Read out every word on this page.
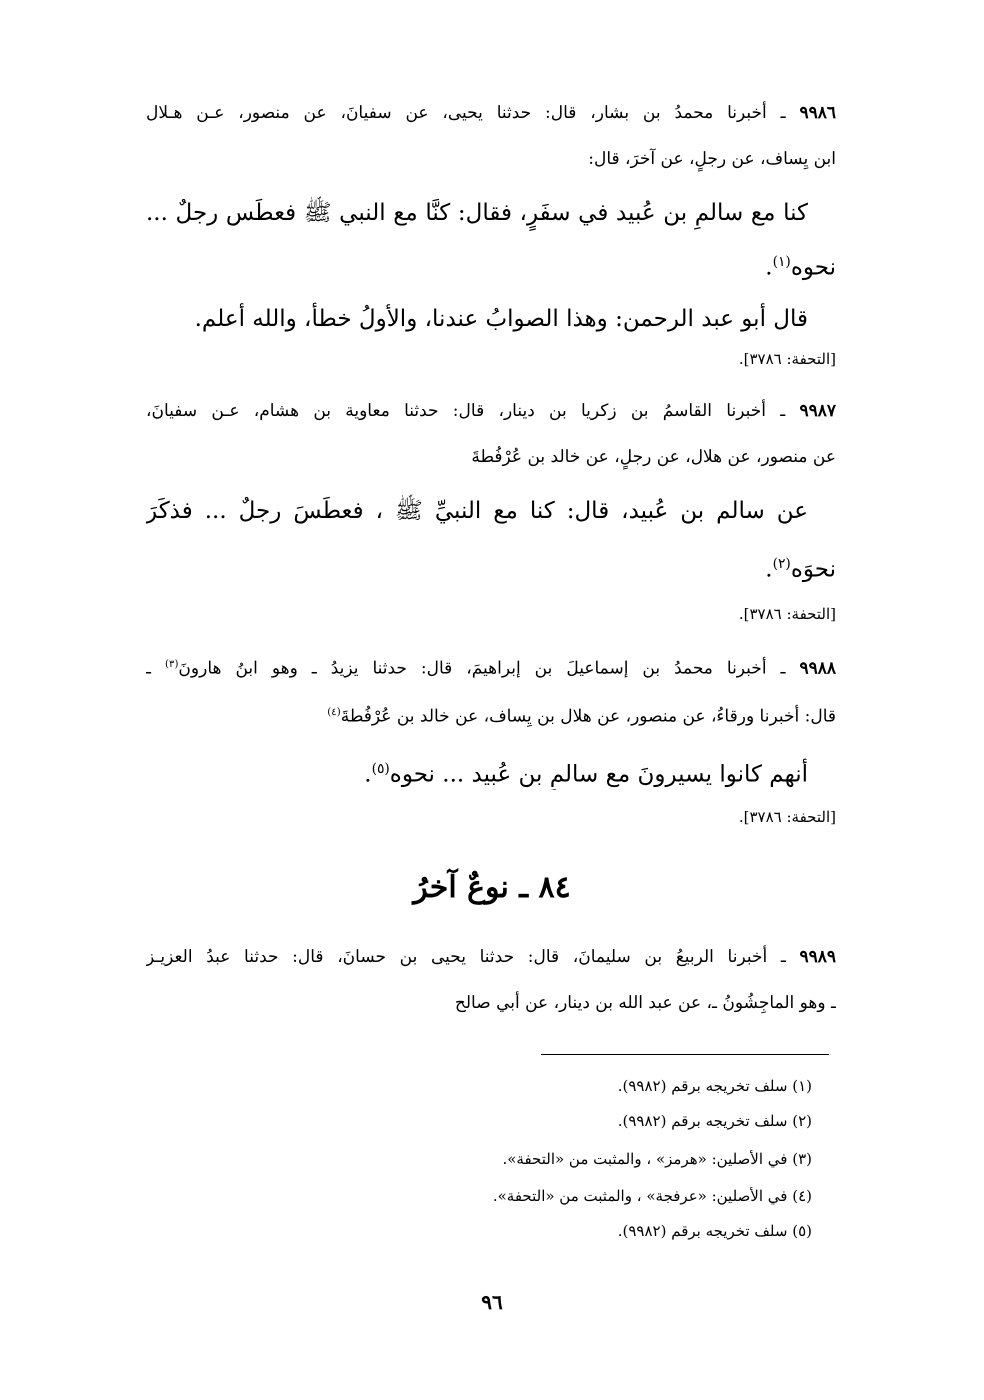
٩٩٨٦ ـ أخبرنا محمدُ بن بشار، قال: حدثنا يحيى، عن سفيانَ، عن منصور، عـن هـلال
ابن يِساف، عن رجلٍ، عن آخرَ، قال:
كنا مع سالمِ بن عُبيد في سفَرٍ، فقال: كنَّا مع النبي ﷺ فعطَس رجلٌ ...
نحوه$^{(١)}$.
قال أبو عبد الرحمن: وهذا الصوابُ عندنا، والأولُ خطأٌ، والله أعلم.
[التحفة: ٣٧٨٦].
٩٩٨٧ ـ أخبرنا القاسمُ بن زكريا بن دينار، قال: حدثنا معاوية بن هشام، عـن سفيانَ،
عن منصور، عن هلال، عن رجلٍ، عن خالد بن عُرْفُطةَ
عن سالم بن عُبيد، قال: كنا مع النبيِّ ﷺ ، فعطَسَ رجلٌ ... فذكَرَ
نحوَه$^{(٢)}$.
[التحفة: ٣٧٨٦].
٩٩٨٨ ـ أخبرنا محمدُ بن إسماعيلَ بن إبراهيمَ، قال: حدثنا يزيدُ ـ وهو ابنُ هارونَ$^{(٣)}$ ـ
قال: أخبرنا ورقاءُ، عن منصور، عن هلال بن يِساف، عن خالد بن عُرْفُطةَ$^{(٤)}$
أنهم كانوا يسيرونَ مع سالمِ بن عُبيد ... نحوه$^{(٥)}$.
[التحفة: ٣٧٨٦].
٨٤ ـ نوعٌ آخرُ
٩٩٨٩ ـ أخبرنا الربيعُ بن سليمانَ، قال: حدثنا يحيى بن حسانَ، قال: حدثنا عبدُ العزيـز
ـ وهو الماجِشُونُ ـ، عن عبد الله بن دينار، عن أبي صالح
(١) سلف تخريجه برقم (٩٩٨٢).
(٢) سلف تخريجه برقم (٩٩٨٢).
(٣) في الأصلين: «هرمز» ، والمثبت من «التحفة».
(٤) في الأصلين: «عرفجة» ، والمثبت من «التحفة».
(٥) سلف تخريجه برقم (٩٩٨٢).
٩٦
